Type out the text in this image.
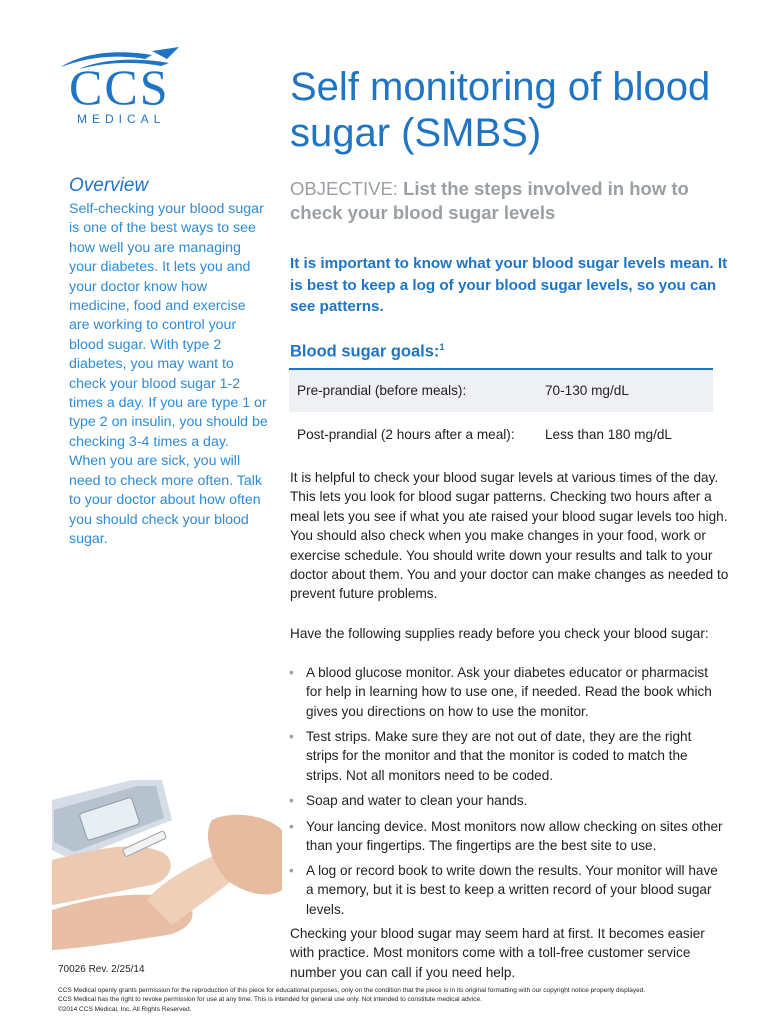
CCS
MEDICAL
Self monitoring of blood sugar (SMBS)
Overview
Self-checking your blood sugar is one of the best ways to see how well you are managing your diabetes. It lets you and your doctor know how medicine, food and exercise are working to control your blood sugar. With type 2 diabetes, you may want to check your blood sugar 1-2 times a day. If you are type 1 or type 2 on insulin, you should be checking 3-4 times a day. When you are sick, you will need to check more often. Talk to your doctor about how often you should check your blood sugar.
OBJECTIVE: List the steps involved in how to check your blood sugar levels
It is important to know what your blood sugar levels mean. It is best to keep a log of your blood sugar levels, so you can see patterns.
Blood sugar goals:$^1$
Pre-prandial (before meals):	70-130 mg/dL
Post-prandial (2 hours after a meal): Less than 180 mg/dL
It is helpful to check your blood sugar levels at various times of the day. This lets you look for blood sugar patterns. Checking two hours after a meal lets you see if what you ate raised your blood sugar levels too high. You should also check when you make changes in your food, work or exercise schedule. You should write down your results and talk to your doctor about them. You and your doctor can make changes as needed to prevent future problems.
Have the following supplies ready before you check your blood sugar:
• A blood glucose monitor. Ask your diabetes educator or pharmacist for help in learning how to use one, if needed. Read the book which gives you directions on how to use the monitor.
• Test strips. Make sure they are not out of date, they are the right strips for the monitor and that the monitor is coded to match the strips. Not all monitors need to be coded.
• Soap and water to clean your hands.
• Your lancing device. Most monitors now allow checking on sites other than your fingertips. The fingertips are the best site to use.
• A log or record book to write down the results. Your monitor will have a memory, but it is best to keep a written record of your blood sugar levels.
Checking your blood sugar may seem hard at first. It becomes easier with practice. Most monitors come with a toll-free customer service number you can call if you need help.
70026 Rev. 2/25/14
CCS Medical openly grants permission for the reproduction of this piece for educational purposes, only on the condition that the piece is in its original formatting with our copyright notice properly displayed.
CCS Medical has the right to revoke permission for use at any time. This is intended for general use only. Not intended to constitute medical advice.
©2014 CCS Medical, Inc. All Rights Reserved.
